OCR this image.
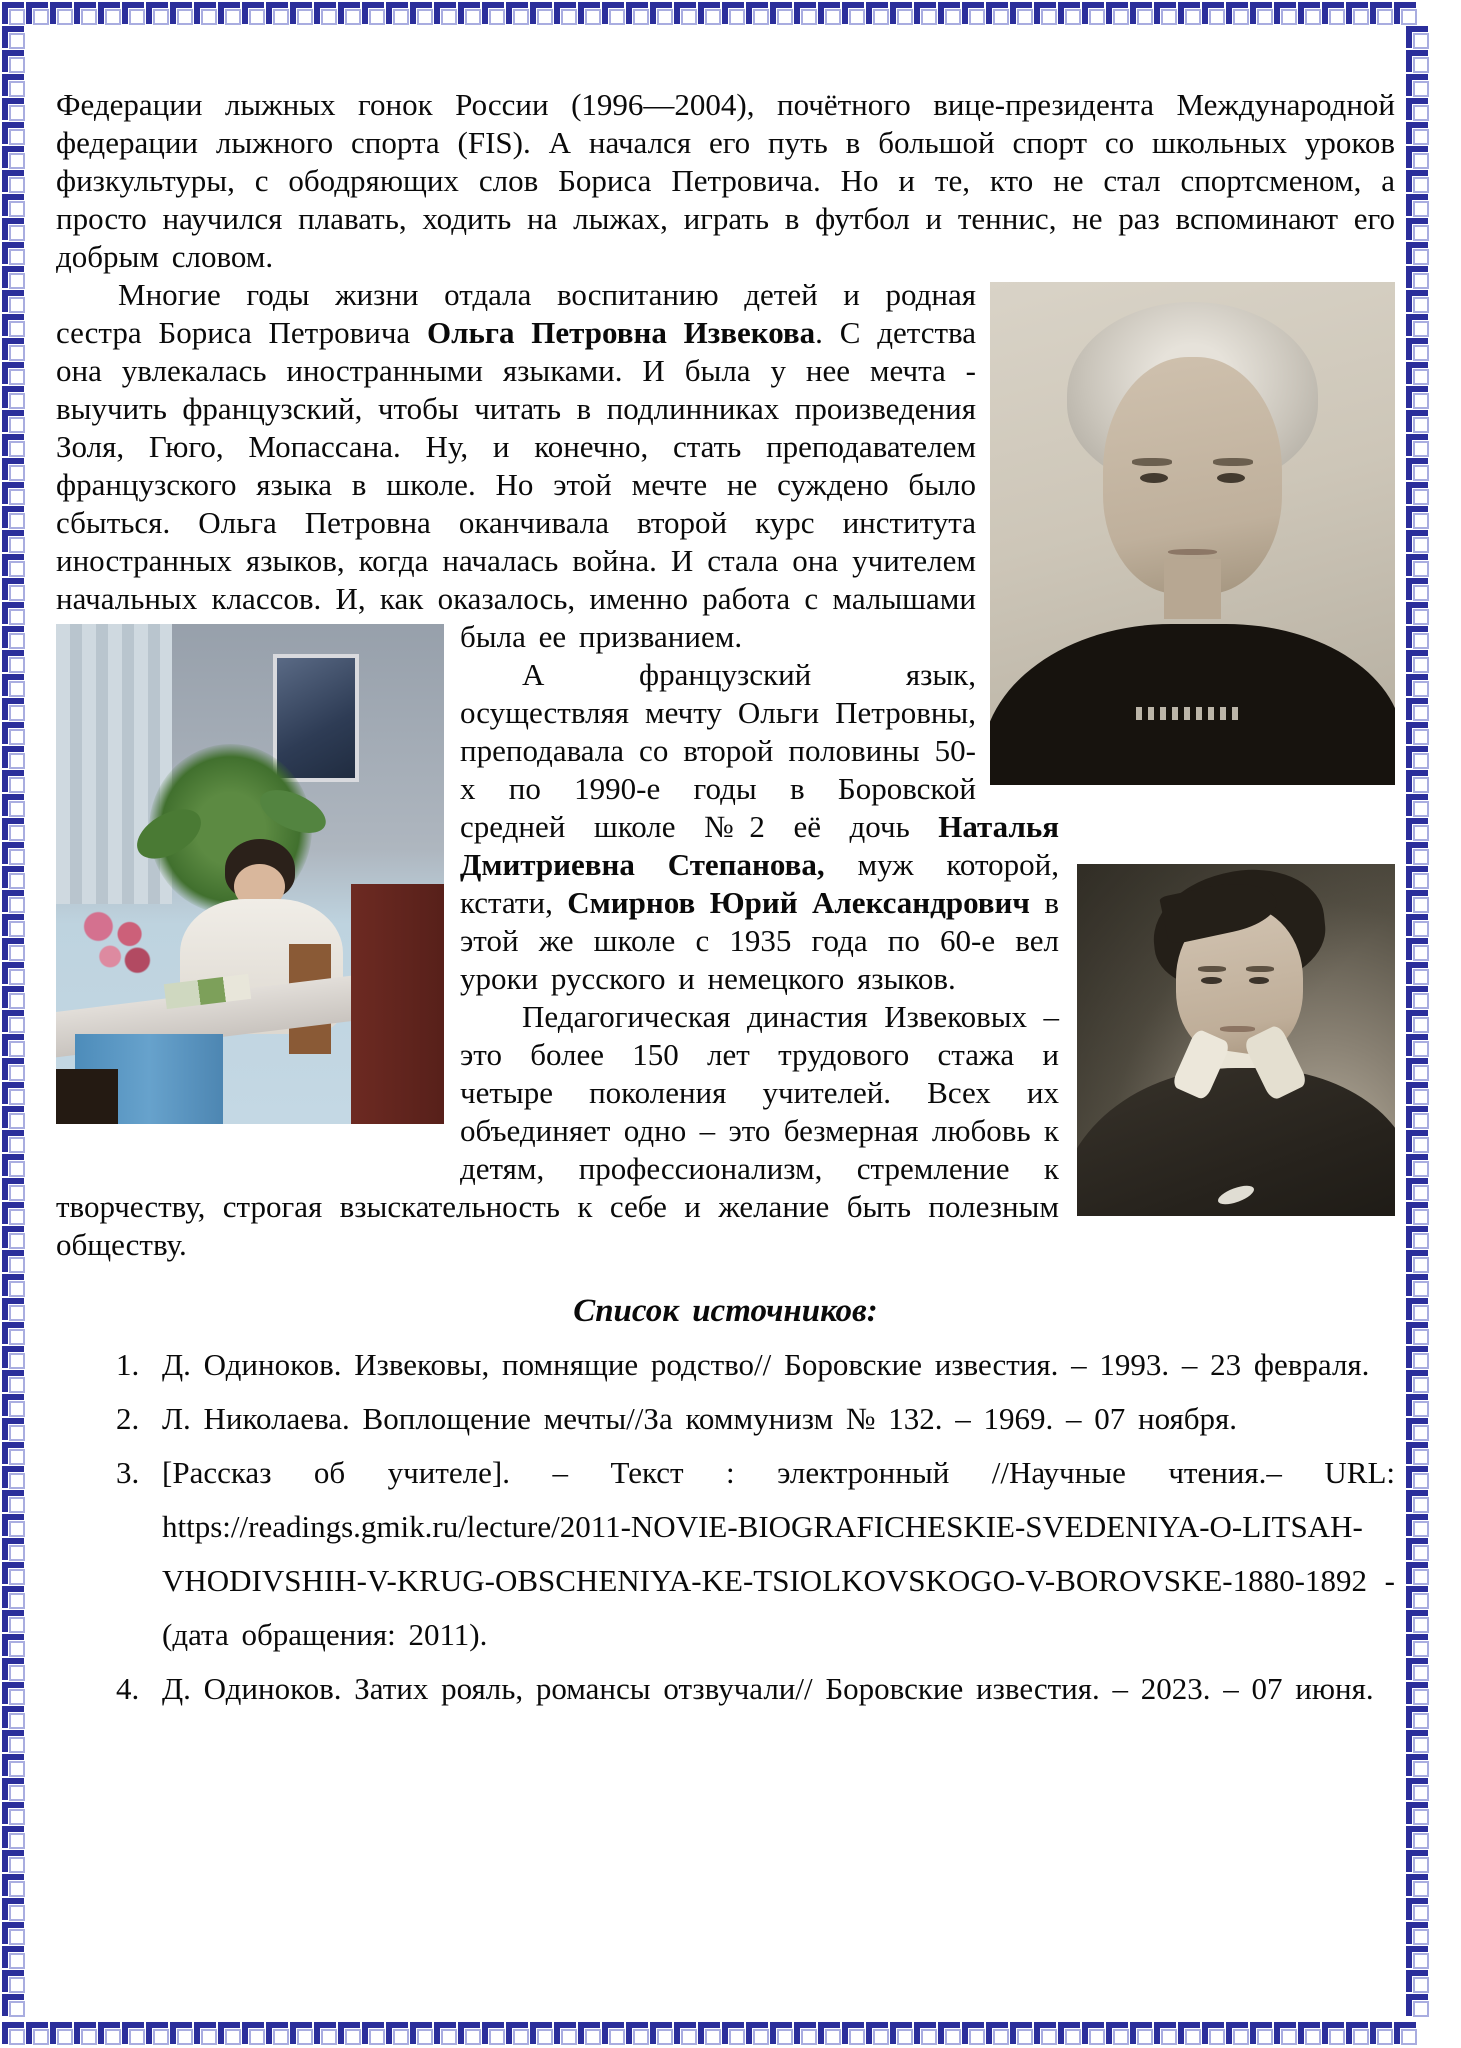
Федерации лыжных гонок России (1996—2004), почётного вице-президента Международной федерации лыжного спорта (FIS). А начался его путь в большой спорт со школьных уроков физкультуры, с ободряющих слов Бориса Петровича. Но и те, кто не стал спортсменом, а просто научился плавать, ходить на лыжах, играть в футбол и теннис, не раз вспоминают его добрым словом.

Многие годы жизни отдала воспитанию детей и родная сестра Бориса Петровича Ольга Петровна Извекова. С детства она увлекалась иностранными языками. И была у нее мечта - выучить французский, чтобы читать в подлинниках произведения Золя, Гюго, Мопассана. Ну, и конечно, стать преподавателем французского языка в школе. Но этой мечте не суждено было сбыться. Ольга Петровна оканчивала второй курс института иностранных языков, когда началась война. И стала она учителем начальных классов. И, как оказалось, именно работа с малышами была ее
призванием.

А французский язык, осуществляя мечту Ольги Петровны, преподавала со второй половины 50-х по 1990-е годы в Боровской средней школе №2 её дочь
Наталья Дмитриевна Степанова, муж которой, кстати, Смирнов Юрий Александрович в этой же школе с 1935 года по 60-е вел уроки русского и немецкого языков.

Педагогическая династия Извековых – это более 150 лет трудового стажа и четыре поколения учителей. Всех их объединяет одно – это безмерная любовь к детям, профессионализм, стремление к творчеству, строгая взыскательность к себе и желание быть полезным обществу.

Список источников:
1. Д. Одиноков. Извековы, помнящие родство// Боровские известия. – 1993. – 23 февраля.
2. Л. Николаева. Воплощение мечты//За коммунизм № 132. – 1969. – 07 ноября.
3. [Рассказ об учителе]. – Текст : электронный //Научные чтения.– URL: https://readings.gmik.ru/lecture/2011-NOVIE-BIOGRAFICHESKIE-SVEDENIYA-O-LITSAH-VHODIVSHIH-V-KRUG-OBSCHENIYA-KE-TSIOLKOVSKOGO-V-BOROVSKE-1880-1892 - (дата обращения: 2011).
4. Д. Одиноков. Затих рояль, романсы отзвучали// Боровские известия. – 2023. – 07 июня.
